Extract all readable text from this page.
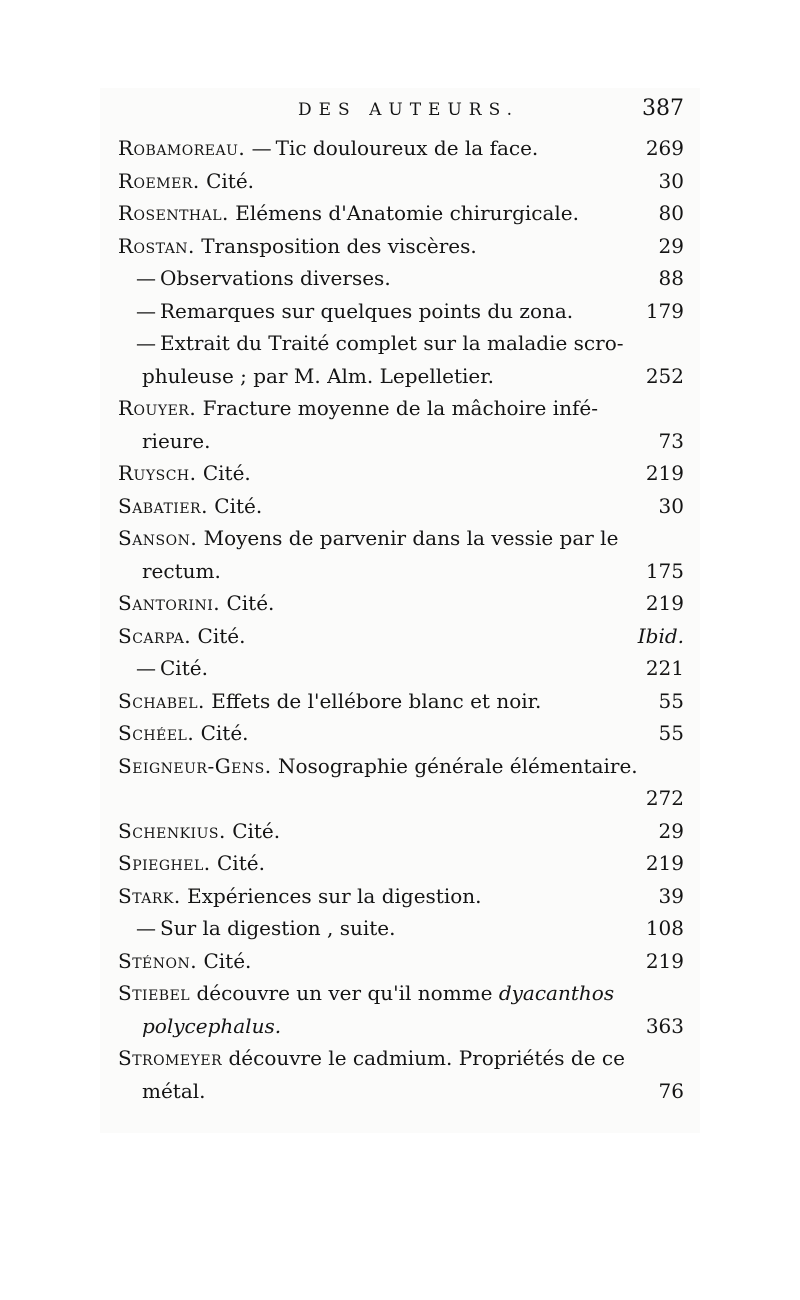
DES AUTEURS.	387
Robamoreau. — Tic douloureux de la face.	269
Roemer. Cité.	30
Rosenthal. Elémens d'Anatomie chirurgicale.	80
Rostan. Transposition des viscères.	29
— Observations diverses.	88
— Remarques sur quelques points du zona.	179
— Extrait du Traité complet sur la maladie scro-
phuleuse ; par M. Alm. Lepelletier.	252
Rouyer. Fracture moyenne de la mâchoire infé-
rieure.	73
Ruysch. Cité.	219
Sabatier. Cité.	30
Sanson. Moyens de parvenir dans la vessie par le
rectum.	175
Santorini. Cité.	219
Scarpa. Cité.	Ibid.
— Cité.	221
Schabel. Effets de l'ellébore blanc et noir.	55
Schéel. Cité.	55
Seigneur-Gens. Nosographie générale élémentaire.
272
Schenkius. Cité.	29
Spieghel. Cité.	219
Stark. Expériences sur la digestion.	39
— Sur la digestion , suite.	108
Sténon. Cité.	219
Stiebel découvre un ver qu'il nomme dyacanthos
polycephalus.	363
Stromeyer découvre le cadmium. Propriétés de ce
métal.	76
